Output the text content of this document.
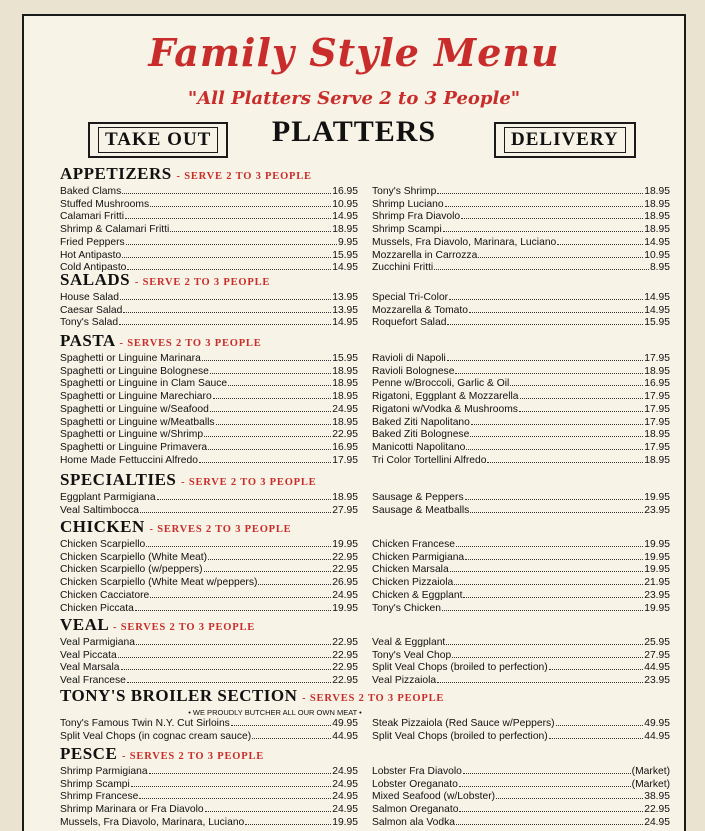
Family Style Menu
"All Platters Serve 2 to 3 People"
TAKE OUT	PLATTERS	DELIVERY
APPETIZERS - SERVE 2 TO 3 PEOPLE
Baked Clams	16.95
Stuffed Mushrooms	10.95
Calamari Fritti	14.95
Shrimp & Calamari Fritti	18.95
Fried Peppers	9.95
Hot Antipasto	15.95
Cold Antipasto	14.95
Tony's Shrimp	18.95
Shrimp Luciano	18.95
Shrimp Fra Diavolo	18.95
Shrimp Scampi	18.95
Mussels, Fra Diavolo, Marinara, Luciano	14.95
Mozzarella in Carrozza	10.95
Zucchini Fritti	8.95
SALADS - SERVE 2 TO 3 PEOPLE
House Salad	13.95
Caesar Salad	13.95
Tony's Salad	14.95
Special Tri-Color	14.95
Mozzarella & Tomato	14.95
Roquefort Salad	15.95
PASTA - SERVES 2 TO 3 PEOPLE
Spaghetti or Linguine Marinara	15.95
Spaghetti or Linguine Bolognese	18.95
Spaghetti or Linguine in Clam Sauce	18.95
Spaghetti or Linguine Marechiaro	18.95
Spaghetti or Linguine w/Seafood	24.95
Spaghetti or Linguine w/Meatballs	18.95
Spaghetti or Linguine w/Shrimp	22.95
Spaghetti or Linguine Primavera	16.95
Home Made Fettuccini Alfredo	17.95
Ravioli di Napoli	17.95
Ravioli Bolognese	18.95
Penne w/Broccoli, Garlic & Oil	16.95
Rigatoni, Eggplant & Mozzarella	17.95
Rigatoni w/Vodka & Mushrooms	17.95
Baked Ziti Napolitano	17.95
Baked Ziti Bolognese	18.95
Manicotti Napolitano	17.95
Tri Color Tortellini Alfredo	18.95
SPECIALTIES - SERVE 2 TO 3 PEOPLE
Eggplant Parmigiana	18.95
Veal Saltimbocca	27.95
Sausage & Peppers	19.95
Sausage & Meatballs	23.95
CHICKEN - SERVES 2 TO 3 PEOPLE
Chicken Scarpiello	19.95
Chicken Scarpiello (White Meat)	22.95
Chicken Scarpiello (w/peppers)	22.95
Chicken Scarpiello (White Meat w/peppers)	26.95
Chicken Cacciatore	24.95
Chicken Piccata	19.95
Chicken Francese	19.95
Chicken Parmigiana	19.95
Chicken Marsala	19.95
Chicken Pizzaiola	21.95
Chicken & Eggplant	23.95
Tony's Chicken	19.95
VEAL - SERVES 2 TO 3 PEOPLE
Veal Parmigiana	22.95
Veal Piccata	22.95
Veal Marsala	22.95
Veal Francese	22.95
Veal & Eggplant	25.95
Tony's Veal Chop	27.95
Split Veal Chops (broiled to perfection)	44.95
Veal Pizzaiola	23.95
TONY'S BROILER SECTION - SERVES 2 TO 3 PEOPLE
• WE PROUDLY BUTCHER ALL OUR OWN MEAT •
Tony's Famous Twin N.Y. Cut Sirloins	49.95
Split Veal Chops (in cognac cream sauce)	44.95
Steak Pizzaiola (Red Sauce w/Peppers)	49.95
Split Veal Chops (broiled to perfection)	44.95
PESCE - SERVES 2 TO 3 PEOPLE
Shrimp Parmigiana	24.95
Shrimp Scampi	24.95
Shrimp Francese	24.95
Shrimp Marinara or Fra Diavolo	24.95
Mussels, Fra Diavolo, Marinara, Luciano	19.95
Lobster Fra Diavolo	(Market)
Lobster Oreganato	(Market)
Mixed Seafood (w/Lobster)	38.95
Salmon Oreganato	22.95
Salmon ala Vodka	24.95
